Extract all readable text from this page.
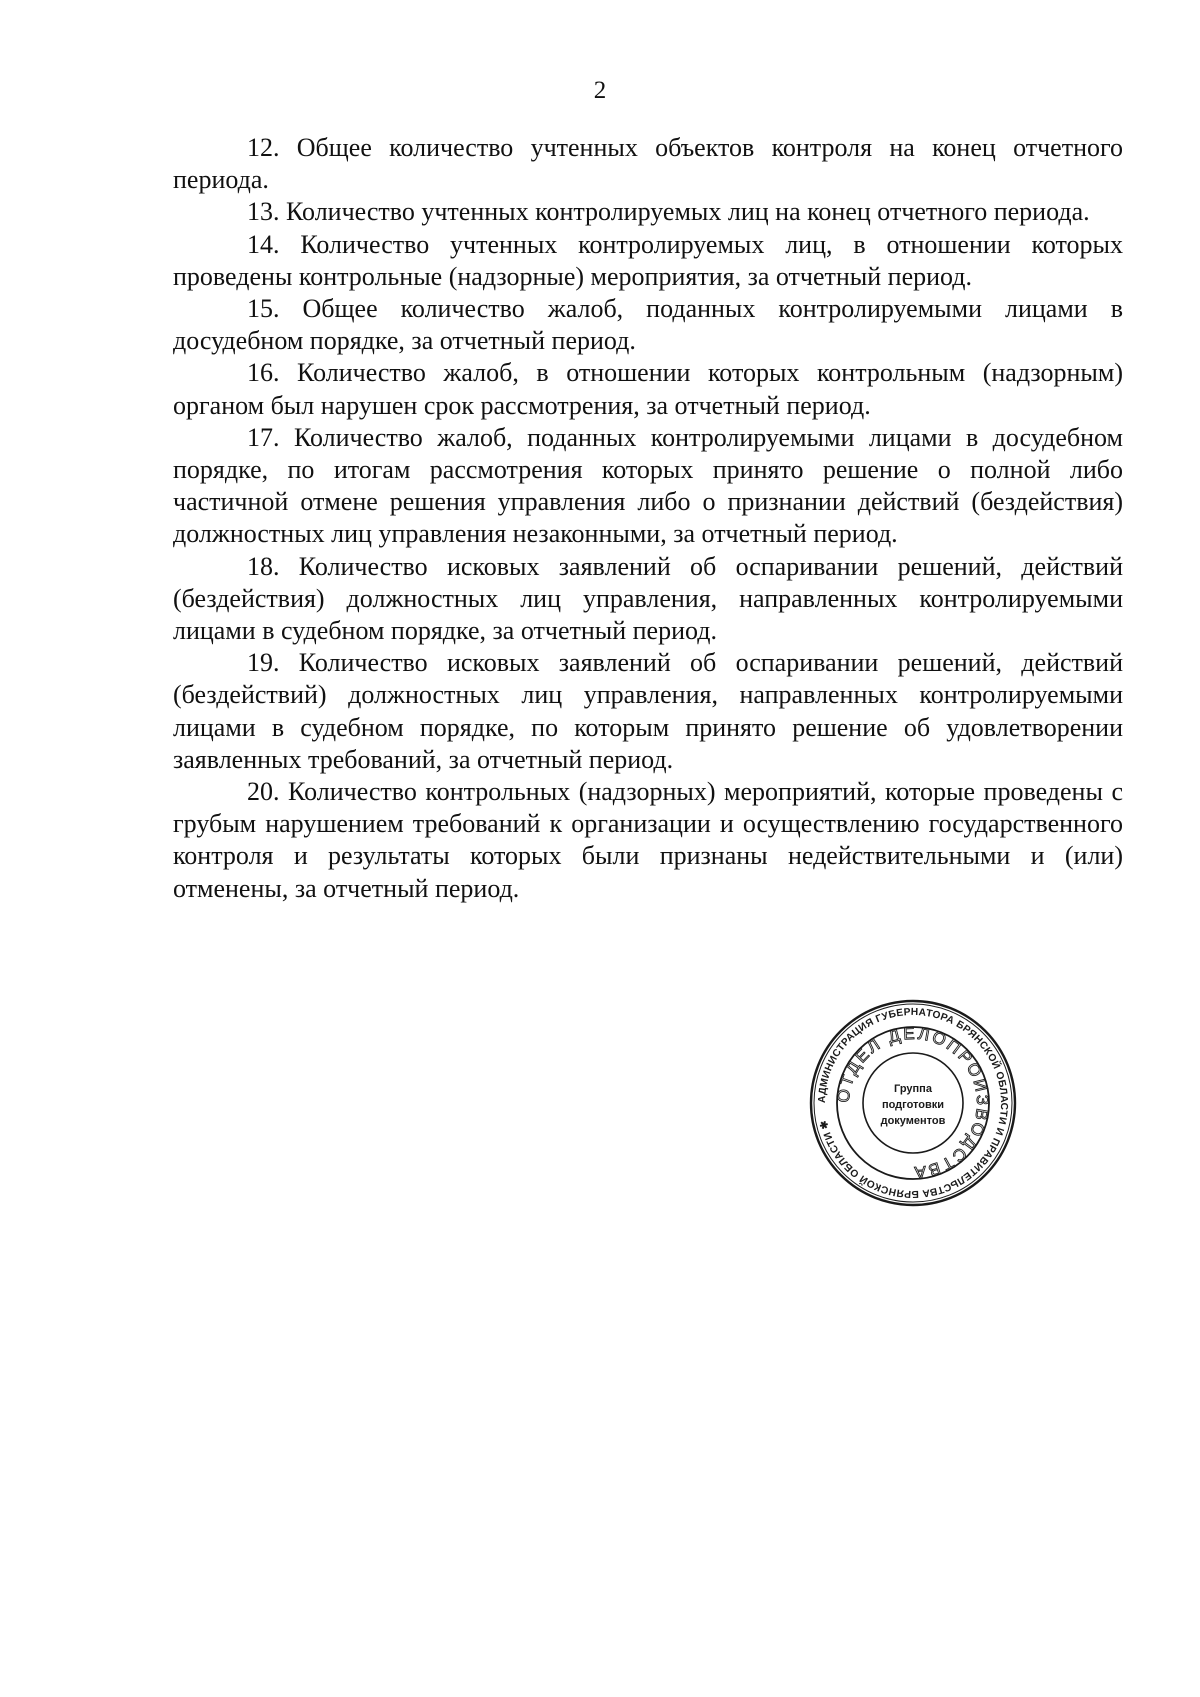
2

12. Общее количество учтенных объектов контроля на конец отчетного периода.

13. Количество учтенных контролируемых лиц на конец отчетного периода.

14. Количество учтенных контролируемых лиц, в отношении которых проведены контрольные (надзорные) мероприятия, за отчетный период.

15. Общее количество жалоб, поданных контролируемыми лицами в досудебном порядке, за отчетный период.

16. Количество жалоб, в отношении которых контрольным (надзорным) органом был нарушен срок рассмотрения, за отчетный период.

17. Количество жалоб, поданных контролируемыми лицами в досудебном порядке, по итогам рассмотрения которых принято решение о полной либо частичной отмене решения управления либо о признании действий (бездействия) должностных лиц управления незаконными, за отчетный период.

18. Количество исковых заявлений об оспаривании решений, действий (бездействия) должностных лиц управления, направленных контролируемыми лицами в судебном порядке, за отчетный период.

19. Количество исковых заявлений об оспаривании решений, действий (бездействий) должностных лиц управления, направленных контролируемыми лицами в судебном порядке, по которым принято решение об удовлетворении заявленных требований, за отчетный период.

20. Количество контрольных (надзорных) мероприятий, которые проведены с грубым нарушением требований к организации и осуществлению государственного контроля и результаты которых были признаны недействительными и (или) отменены, за отчетный период.

АДМИНИСТРАЦИЯ ГУБЕРНАТОРА БРЯНСКОЙ ОБЛАСТИ И ПРАВИТЕЛЬСТВА БРЯНСКОЙ ОБЛАСТИ ✱
ОТДЕЛ ДЕЛОПРОИЗВОДСТВА
Группа
подготовки
документов
